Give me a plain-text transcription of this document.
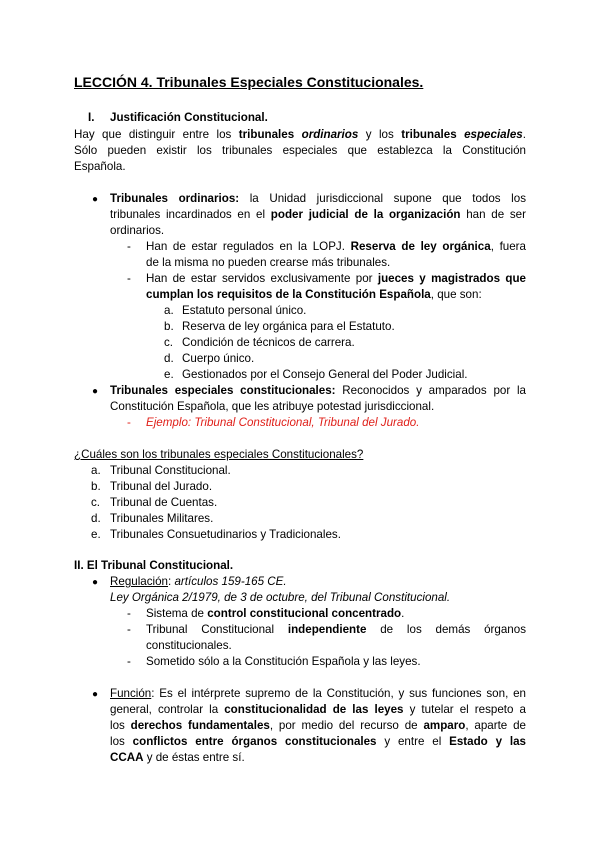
LECCIÓN 4. Tribunales Especiales Constitucionales.
I. Justificación Constitucional.
Hay que distinguir entre los tribunales ordinarios y los tribunales especiales.
Sólo pueden existir los tribunales especiales que establezca la Constitución
Española.
● Tribunales ordinarios: la Unidad jurisdiccional supone que todos los
tribunales incardinados en el poder judicial de la organización han de ser
ordinarios.
- Han de estar regulados en la LOPJ. Reserva de ley orgánica, fuera
de la misma no pueden crearse más tribunales.
- Han de estar servidos exclusivamente por jueces y magistrados que
cumplan los requisitos de la Constitución Española, que son:
a. Estatuto personal único.
b. Reserva de ley orgánica para el Estatuto.
c. Condición de técnicos de carrera.
d. Cuerpo único.
e. Gestionados por el Consejo General del Poder Judicial.
● Tribunales especiales constitucionales: Reconocidos y amparados por la
Constitución Española, que les atribuye potestad jurisdiccional.
- Ejemplo: Tribunal Constitucional, Tribunal del Jurado.
¿Cuáles son los tribunales especiales Constitucionales?
a. Tribunal Constitucional.
b. Tribunal del Jurado.
c. Tribunal de Cuentas.
d. Tribunales Militares.
e. Tribunales Consuetudinarios y Tradicionales.
II. El Tribunal Constitucional.
● Regulación: artículos 159-165 CE.
Ley Orgánica 2/1979, de 3 de octubre, del Tribunal Constitucional.
- Sistema de control constitucional concentrado.
- Tribunal Constitucional independiente de los demás órganos
constitucionales.
- Sometido sólo a la Constitución Española y las leyes.
● Función: Es el intérprete supremo de la Constitución, y sus funciones son, en
general, controlar la constitucionalidad de las leyes y tutelar el respeto a
los derechos fundamentales, por medio del recurso de amparo, aparte de
los conflictos entre órganos constitucionales y entre el Estado y las
CCAA y de éstas entre sí.
